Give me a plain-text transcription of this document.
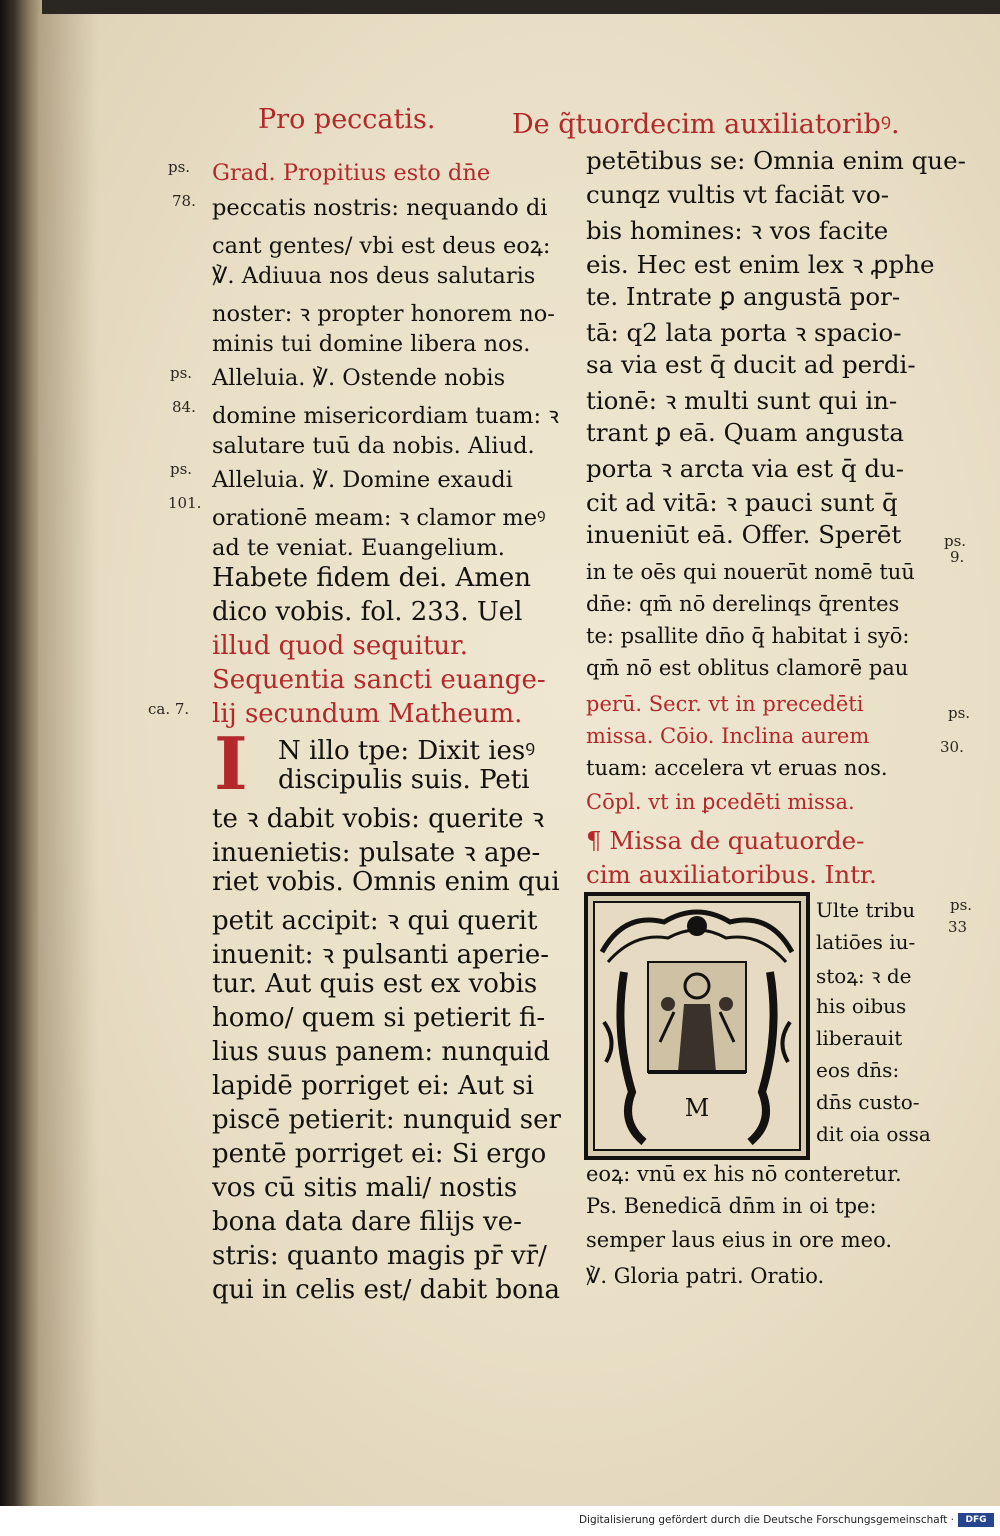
Pro peccatis.	De q̃tuordecim auxiliatoribꝰ.
ps.
78.
ps.
84.
ps.
101.
ca. 7.
ps.
9.
ps.
30.
ps.
33
Grad. Propitius esto dn̄e
peccatis nostris: nequando di
cant gentes/ vbi est deus eoꝝ:
℣. Adiuua nos deus salutaris
noster: ꝛ propter honorem no-
minis tui domine libera nos.
Alleluia. ℣. Ostende nobis
domine misericordiam tuam: ꝛ
salutare tuū da nobis. Aliud.
Alleluia. ℣. Domine exaudi
orationē meam: ꝛ clamor meꝰ
ad te veniat. Euangelium.
Habete fidem dei. Amen
dico vobis. fol. 233. Uel
illud quod sequitur.
Sequentia sancti euange-
lij secundum Matheum.
I N illo tpe: Dixit iesꝰ
discipulis suis. Peti
te ꝛ dabit vobis: querite ꝛ
inuenietis: pulsate ꝛ ape-
riet vobis. Omnis enim qui
petit accipit: ꝛ qui querit
inuenit: ꝛ pulsanti aperie-
tur. Aut quis est ex vobis
homo/ quem si petierit fi-
lius suus panem: nunquid
lapidē porriget ei: Aut si
piscē petierit: nunquid ser
pentē porriget ei: Si ergo
vos cū sitis mali/ nostis
bona data dare filijs ve-
stris: quanto magis pr̄ vr̄/
qui in celis est/ dabit bona
petētibus se: Omnia enim que-
cunqz vultis vt faciāt vo-
bis homines: ꝛ vos facite
eis. Hec est enim lex ꝛ ꝓphe
te. Intrate ꝑ angustā por-
tā: q2 lata porta ꝛ spacio-
sa via est q̄ ducit ad perdi-
tionē: ꝛ multi sunt qui in-
trant ꝑ eā. Quam angusta
porta ꝛ arcta via est q̄ du-
cit ad vitā: ꝛ pauci sunt q̄
inueniūt eā. Offer. Sperēt
in te oēs qui nouerūt nomē tuū
dn̄e: qm̄ nō derelinqs q̄rentes
te: psallite dn̄o q̄ habitat i syō:
qm̄ nō est oblitus clamorē pau
perū. Secr. vt in precedēti
missa. Cōio. Inclina aurem
tuam: accelera vt eruas nos.
Cōpl. vt in ꝑcedēti missa.
¶ Missa de quatuorde-
cim auxiliatoribus. Intr.
M
Ulte tribu
latiōes iu-
stoꝝ: ꝛ de
his oibus
liberauit
eos dn̄s:
dn̄s custo-
dit oia ossa
eoꝝ: vnū ex his nō conteretur.
Ps. Benedicā dn̄m in oi tpe:
semper laus eius in ore meo.
℣. Gloria patri. Oratio.
Digitalisierung gefördert durch die Deutsche Forschungsgemeinschaft ·	DFG
